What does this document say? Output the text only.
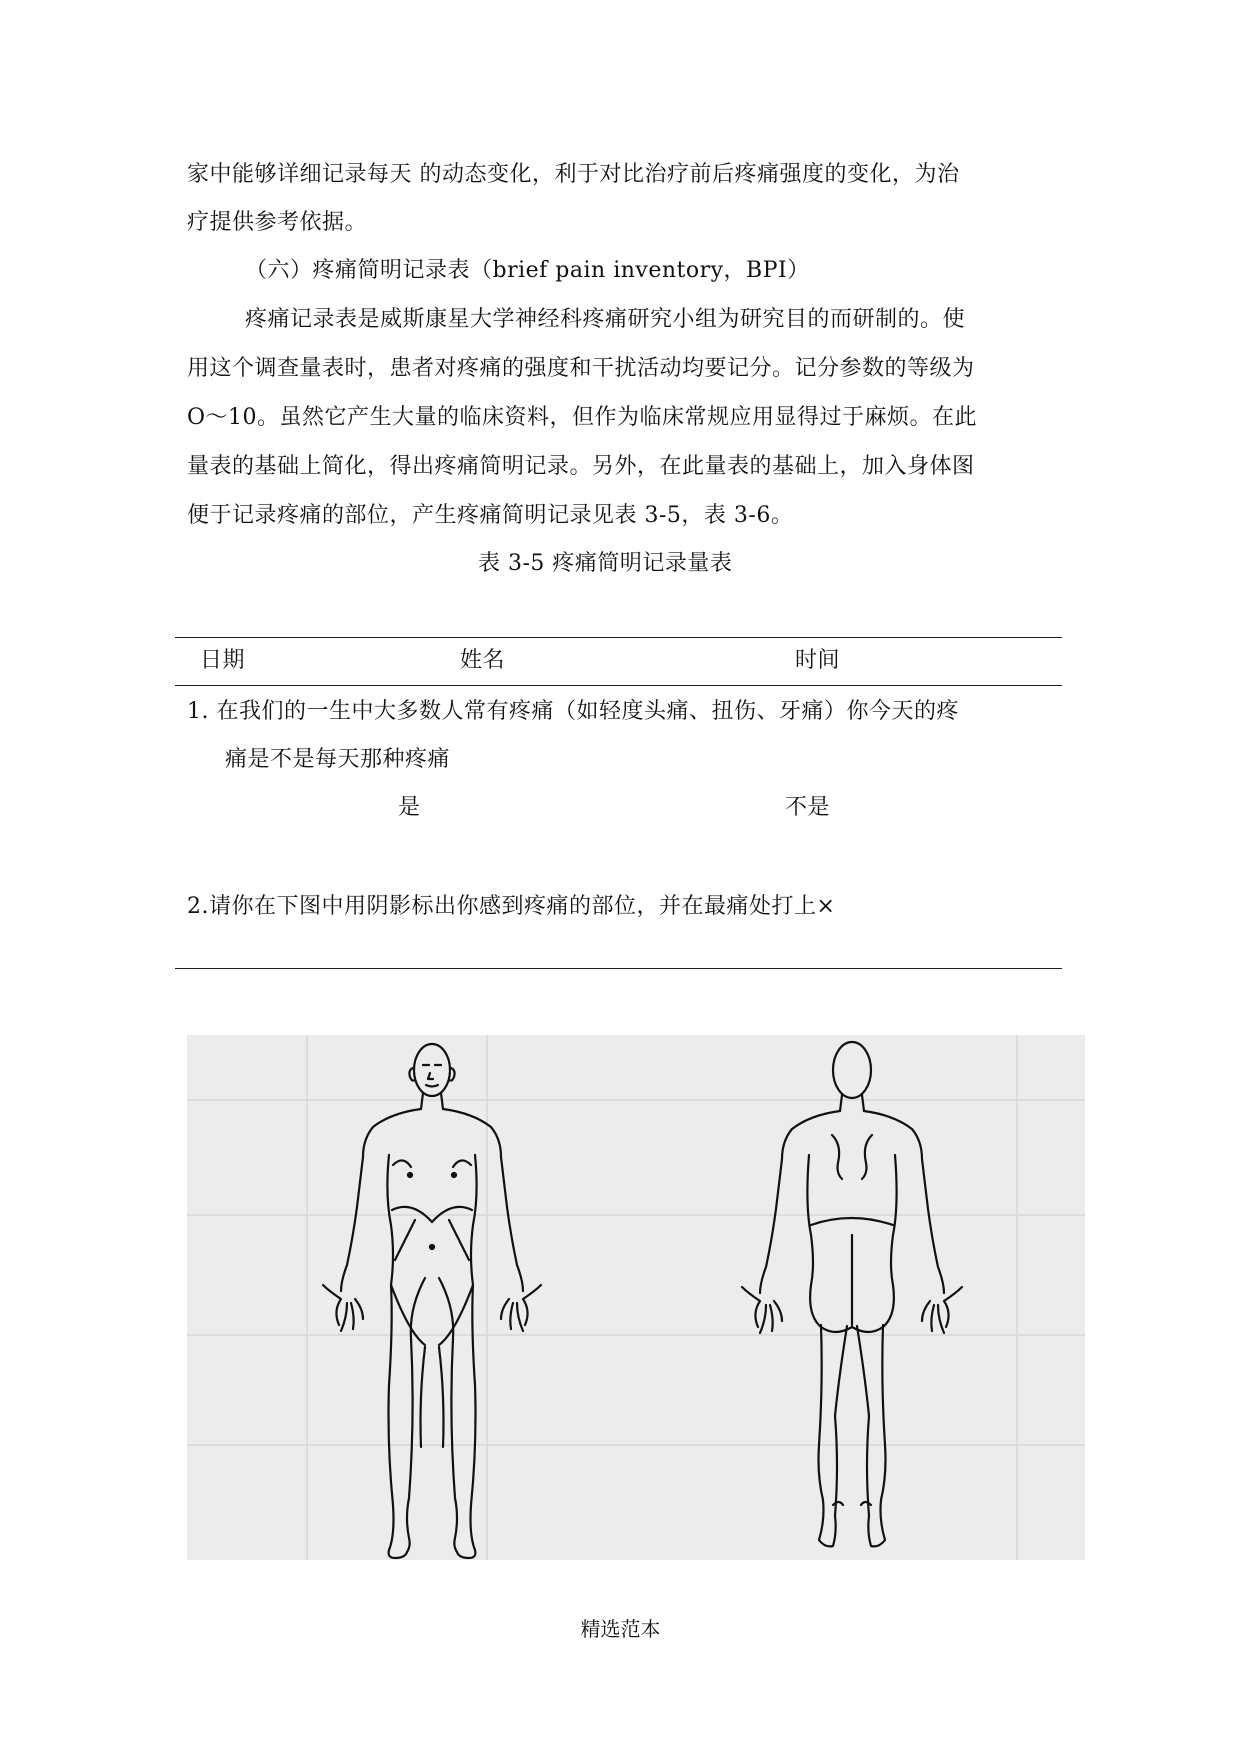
家中能够详细记录每天 的动态变化，利于对比治疗前后疼痛强度的变化，为治
疗提供参考依据。
（六）疼痛简明记录表（brief pain inventory，BPI）
疼痛记录表是威斯康星大学神经科疼痛研究小组为研究目的而研制的。使
用这个调查量表时，患者对疼痛的强度和干扰活动均要记分。记分参数的等级为
O～10。虽然它产生大量的临床资料，但作为临床常规应用显得过于麻烦。在此
量表的基础上简化，得出疼痛简明记录。另外，在此量表的基础上，加入身体图
便于记录疼痛的部位，产生疼痛简明记录见表 3-5，表 3-6。
表 3-5 疼痛简明记录量表
日期	姓名	时间
1. 在我们的一生中大多数人常有疼痛（如轻度头痛、扭伤、牙痛）你今天的疼
痛是不是每天那种疼痛
是	不是
2.请你在下图中用阴影标出你感到疼痛的部位，并在最痛处打上×
精选范本
